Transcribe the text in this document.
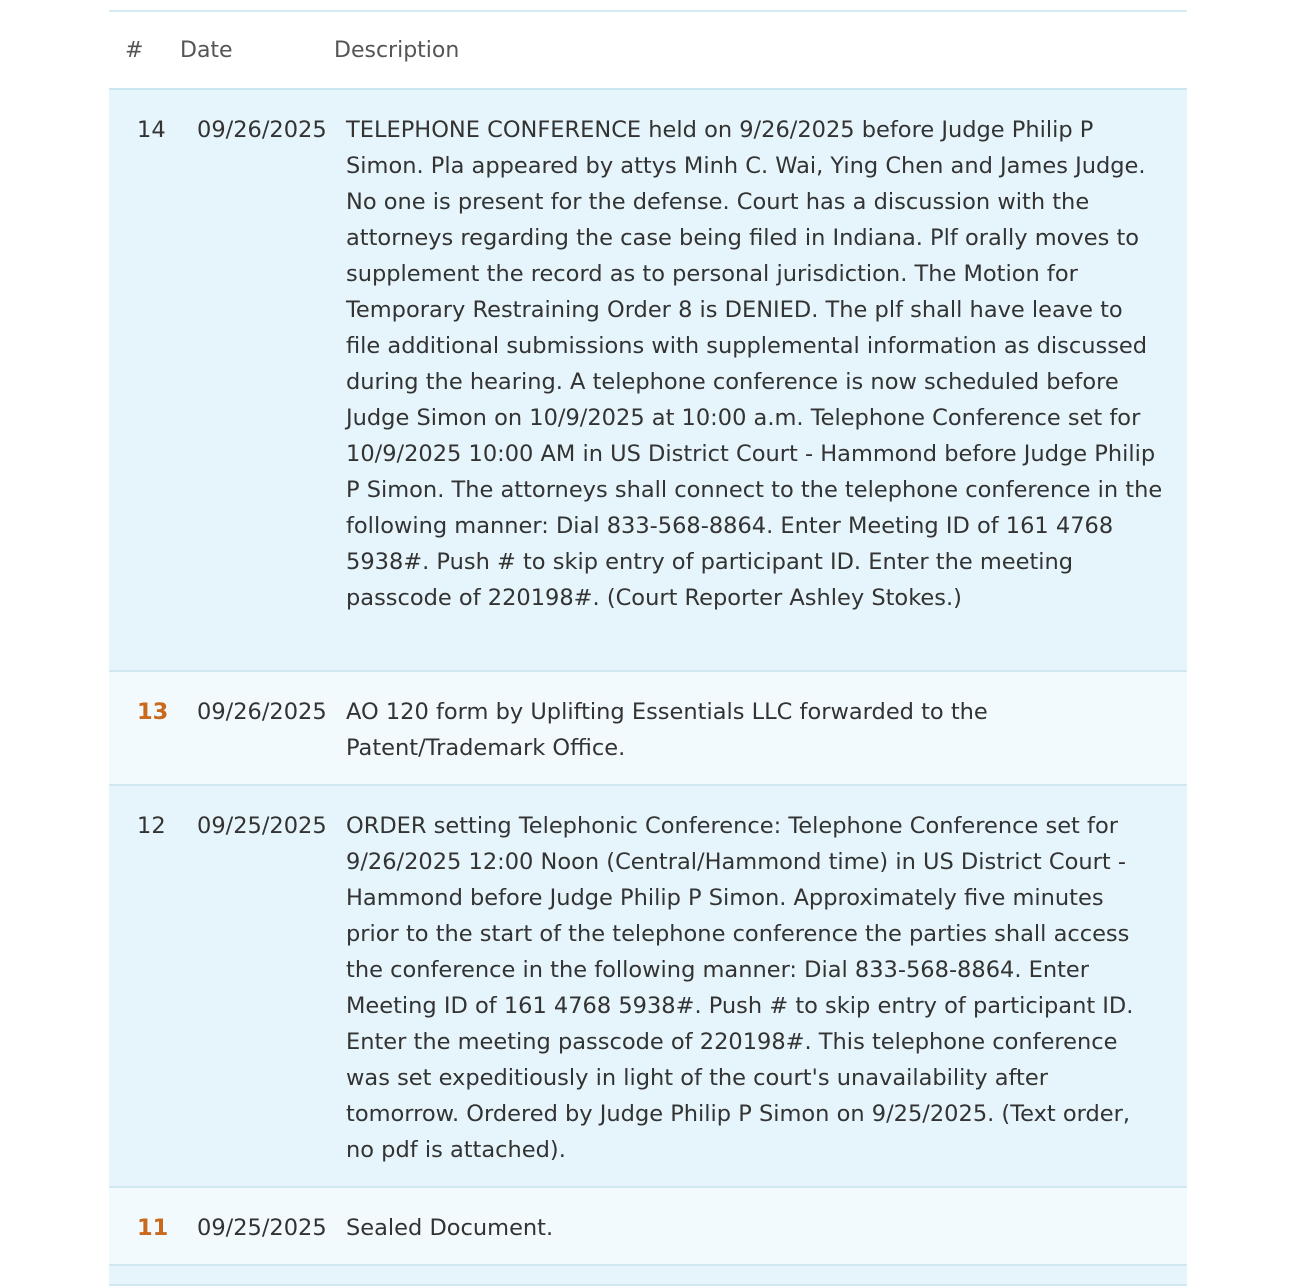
#	Date	Description
14	09/26/2025 TELEPHONE CONFERENCE held on 9/26/2025 before Judge Philip P Simon. Pla appeared by attys Minh C. Wai, Ying Chen and James Judge. No one is present for the defense. Court has a discussion with the attorneys regarding the case being filed in Indiana. Plf orally moves to supplement the record as to personal jurisdiction. The Motion for Temporary Restraining Order 8 is DENIED. The plf shall have leave to file additional submissions with supplemental information as discussed during the hearing. A telephone conference is now scheduled before Judge Simon on 10/9/2025 at 10:00 a.m. Telephone Conference set for 10/9/2025 10:00 AM in US District Court - Hammond before Judge Philip P Simon. The attorneys shall connect to the telephone conference in the following manner: Dial 833-568-8864. Enter Meeting ID of 161 4768 5938#. Push # to skip entry of participant ID. Enter the meeting passcode of 220198#. (Court Reporter Ashley Stokes.)
13	09/26/2025 AO 120 form by Uplifting Essentials LLC forwarded to the Patent/Trademark Office.
12	09/25/2025 ORDER setting Telephonic Conference: Telephone Conference set for 9/26/2025 12:00 Noon (Central/Hammond time) in US District Court - Hammond before Judge Philip P Simon. Approximately five minutes prior to the start of the telephone conference the parties shall access the conference in the following manner: Dial 833-568-8864. Enter Meeting ID of 161 4768 5938#. Push # to skip entry of participant ID. Enter the meeting passcode of 220198#. This telephone conference was set expeditiously in light of the court's unavailability after tomorrow. Ordered by Judge Philip P Simon on 9/25/2025. (Text order, no pdf is attached).
11	09/25/2025 Sealed Document.
